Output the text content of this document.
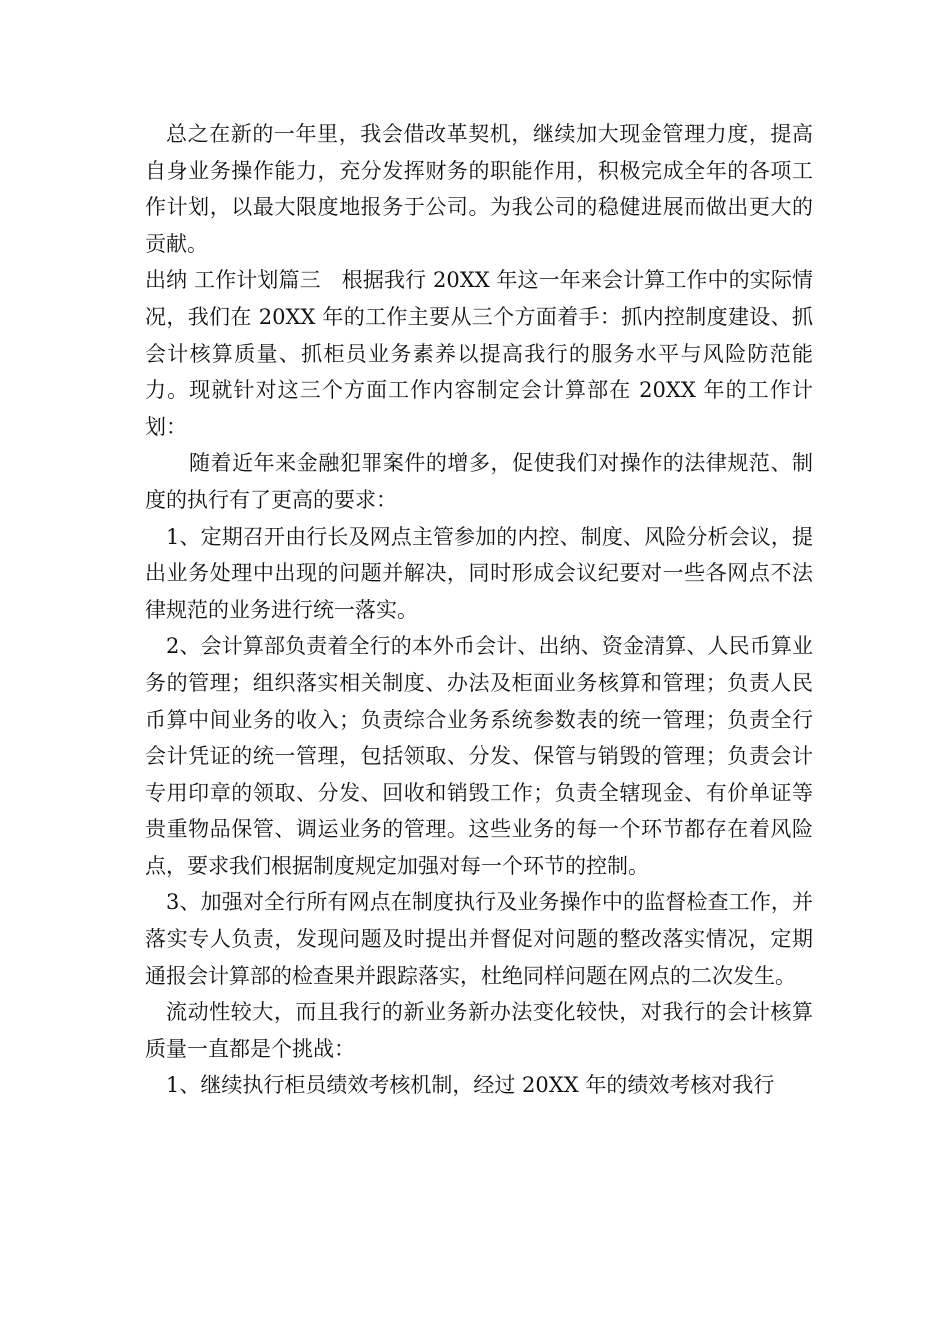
总之在新的一年里，我会借改革契机，继续加大现金管理力度，提高自身业务操作能力，充分发挥财务的职能作用，积极完成全年的各项工作计划，以最大限度地报务于公司。为我公司的稳健进展而做出更大的贡献。

出纳 工作计划篇三　根据我行 20XX 年这一年来会计算工作中的实际情况，我们在 20XX 年的工作主要从三个方面着手：抓内控制度建设、抓会计核算质量、抓柜员业务素养以提高我行的服务水平与风险防范能力。现就针对这三个方面工作内容制定会计算部在 20XX 年的工作计划：

随着近年来金融犯罪案件的增多，促使我们对操作的法律规范、制度的执行有了更高的要求：

1、定期召开由行长及网点主管参加的内控、制度、风险分析会议，提出业务处理中出现的问题并解决，同时形成会议纪要对一些各网点不法律规范的业务进行统一落实。

2、会计算部负责着全行的本外币会计、出纳、资金清算、人民币算业务的管理；组织落实相关制度、办法及柜面业务核算和管理；负责人民币算中间业务的收入；负责综合业务系统参数表的统一管理；负责全行会计凭证的统一管理，包括领取、分发、保管与销毁的管理；负责会计专用印章的领取、分发、回收和销毁工作；负责全辖现金、有价单证等贵重物品保管、调运业务的管理。这些业务的每一个环节都存在着风险点，要求我们根据制度规定加强对每一个环节的控制。

3、加强对全行所有网点在制度执行及业务操作中的监督检查工作，并落实专人负责，发现问题及时提出并督促对问题的整改落实情况，定期通报会计算部的检查果并跟踪落实，杜绝同样问题在网点的二次发生。

流动性较大，而且我行的新业务新办法变化较快，对我行的会计核算质量一直都是个挑战：

1、继续执行柜员绩效考核机制，经过 20XX 年的绩效考核对我行
